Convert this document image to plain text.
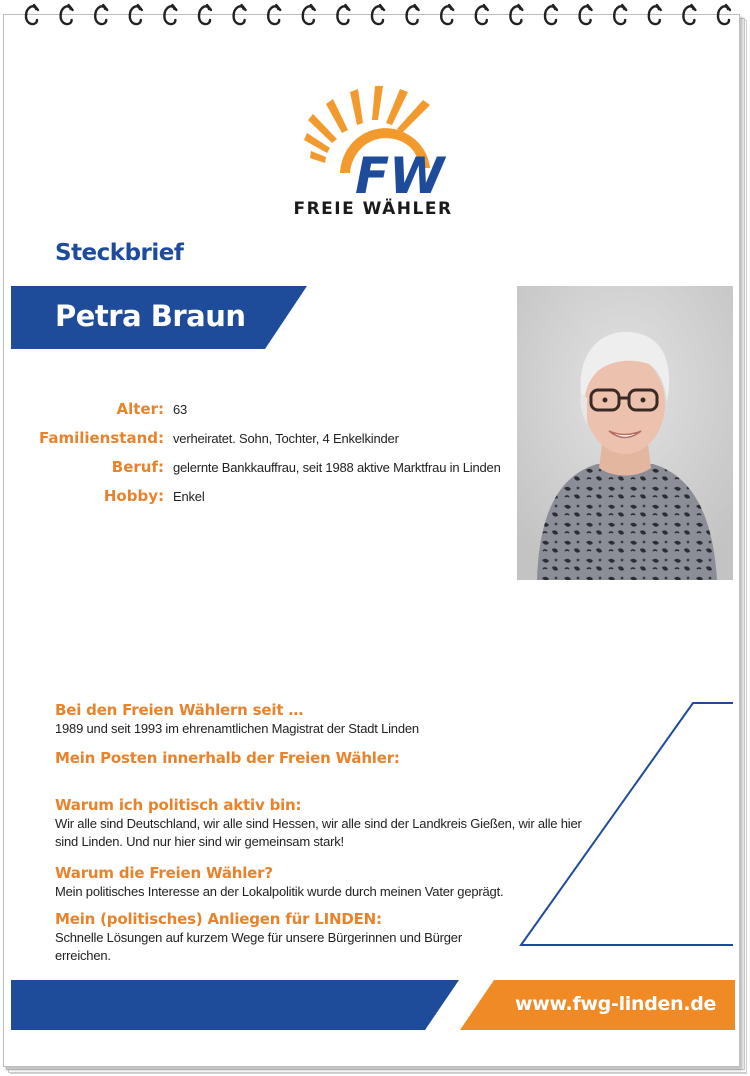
FW
FREIE WÄHLER
Steckbrief
Petra Braun
Alter: 63
Familienstand: verheiratet. Sohn, Tochter, 4 Enkelkinder
Beruf: gelernte Bankkauffrau, seit 1988 aktive Marktfrau in Linden
Hobby: Enkel
Bei den Freien Wählern seit …
1989 und seit 1993 im ehrenamtlichen Magistrat der Stadt Linden
Mein Posten innerhalb der Freien Wähler:
Warum ich politisch aktiv bin:
Wir alle sind Deutschland, wir alle sind Hessen, wir alle sind der Landkreis Gießen, wir alle hier sind Linden. Und nur hier sind wir gemeinsam stark!
Warum die Freien Wähler?
Mein politisches Interesse an der Lokalpolitik wurde durch meinen Vater geprägt.
Mein (politisches) Anliegen für LINDEN:
Schnelle Lösungen auf kurzem Wege für unsere Bürgerinnen und Bürger erreichen.
www.fwg-linden.de
